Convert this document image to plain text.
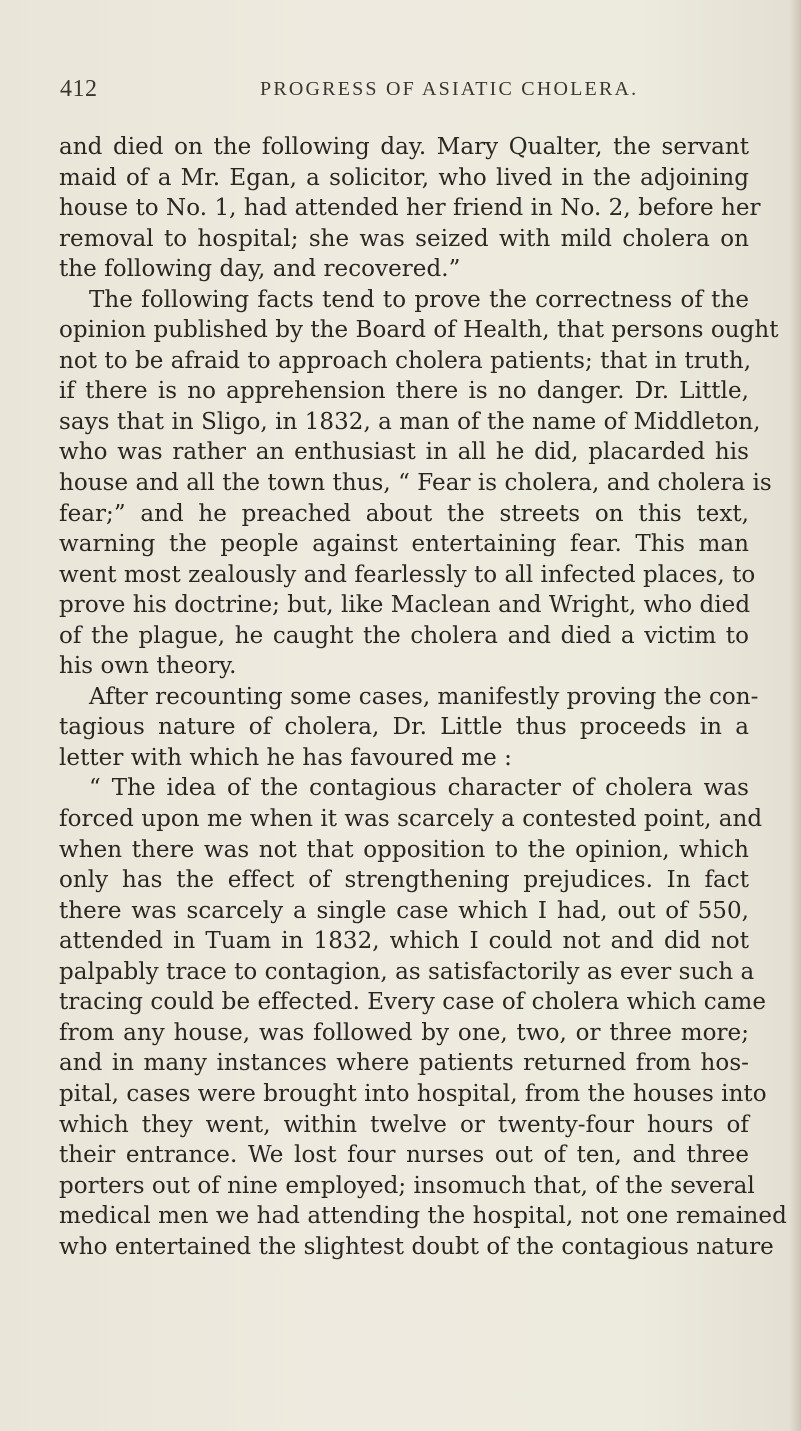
412	PROGRESS OF ASIATIC CHOLERA.
and died on the following day. Mary Qualter, the servant
maid of a Mr. Egan, a solicitor, who lived in the adjoining
house to No. 1, had attended her friend in No. 2, before her
removal to hospital; she was seized with mild cholera on
the following day, and recovered.”
The following facts tend to prove the correctness of the
opinion published by the Board of Health, that persons ought
not to be afraid to approach cholera patients; that in truth,
if there is no apprehension there is no danger. Dr. Little,
says that in Sligo, in 1832, a man of the name of Middleton,
who was rather an enthusiast in all he did, placarded his
house and all the town thus, “ Fear is cholera, and cholera is
fear;” and he preached about the streets on this text,
warning the people against entertaining fear. This man
went most zealously and fearlessly to all infected places, to
prove his doctrine; but, like Maclean and Wright, who died
of the plague, he caught the cholera and died a victim to
his own theory.
After recounting some cases, manifestly proving the con-
tagious nature of cholera, Dr. Little thus proceeds in a
letter with which he has favoured me :
“ The idea of the contagious character of cholera was
forced upon me when it was scarcely a contested point, and
when there was not that opposition to the opinion, which
only has the effect of strengthening prejudices. In fact
there was scarcely a single case which I had, out of 550,
attended in Tuam in 1832, which I could not and did not
palpably trace to contagion, as satisfactorily as ever such a
tracing could be effected. Every case of cholera which came
from any house, was followed by one, two, or three more;
and in many instances where patients returned from hos-
pital, cases were brought into hospital, from the houses into
which they went, within twelve or twenty-four hours of
their entrance. We lost four nurses out of ten, and three
porters out of nine employed; insomuch that, of the several
medical men we had attending the hospital, not one remained
who entertained the slightest doubt of the contagious nature
